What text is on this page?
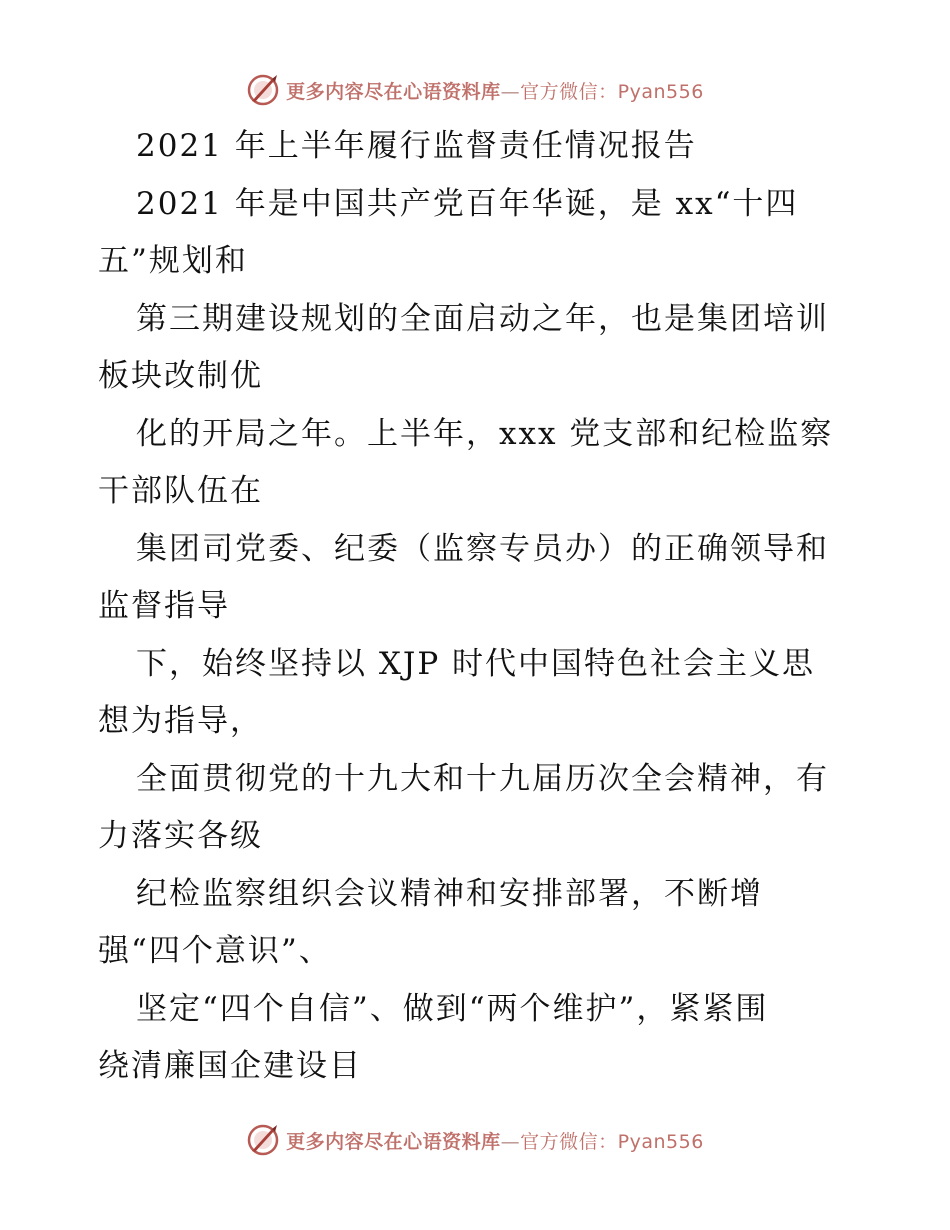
更多内容尽在心语资料库—官方微信：Pyan556
2021 年上半年履行监督责任情况报告
2021 年是中国共产党百年华诞，是 xx“十四
五”规划和
第三期建设规划的全面启动之年，也是集团培训
板块改制优
化的开局之年。上半年，xxx 党支部和纪检监察
干部队伍在
集团司党委、纪委（监察专员办）的正确领导和
监督指导
下，始终坚持以 XJP 时代中国特色社会主义思
想为指导，
全面贯彻党的十九大和十九届历次全会精神，有
力落实各级
纪检监察组织会议精神和安排部署，不断增
强“四个意识”、
坚定“四个自信”、做到“两个维护”，紧紧围
绕清廉国企建设目
更多内容尽在心语资料库—官方微信：Pyan556
